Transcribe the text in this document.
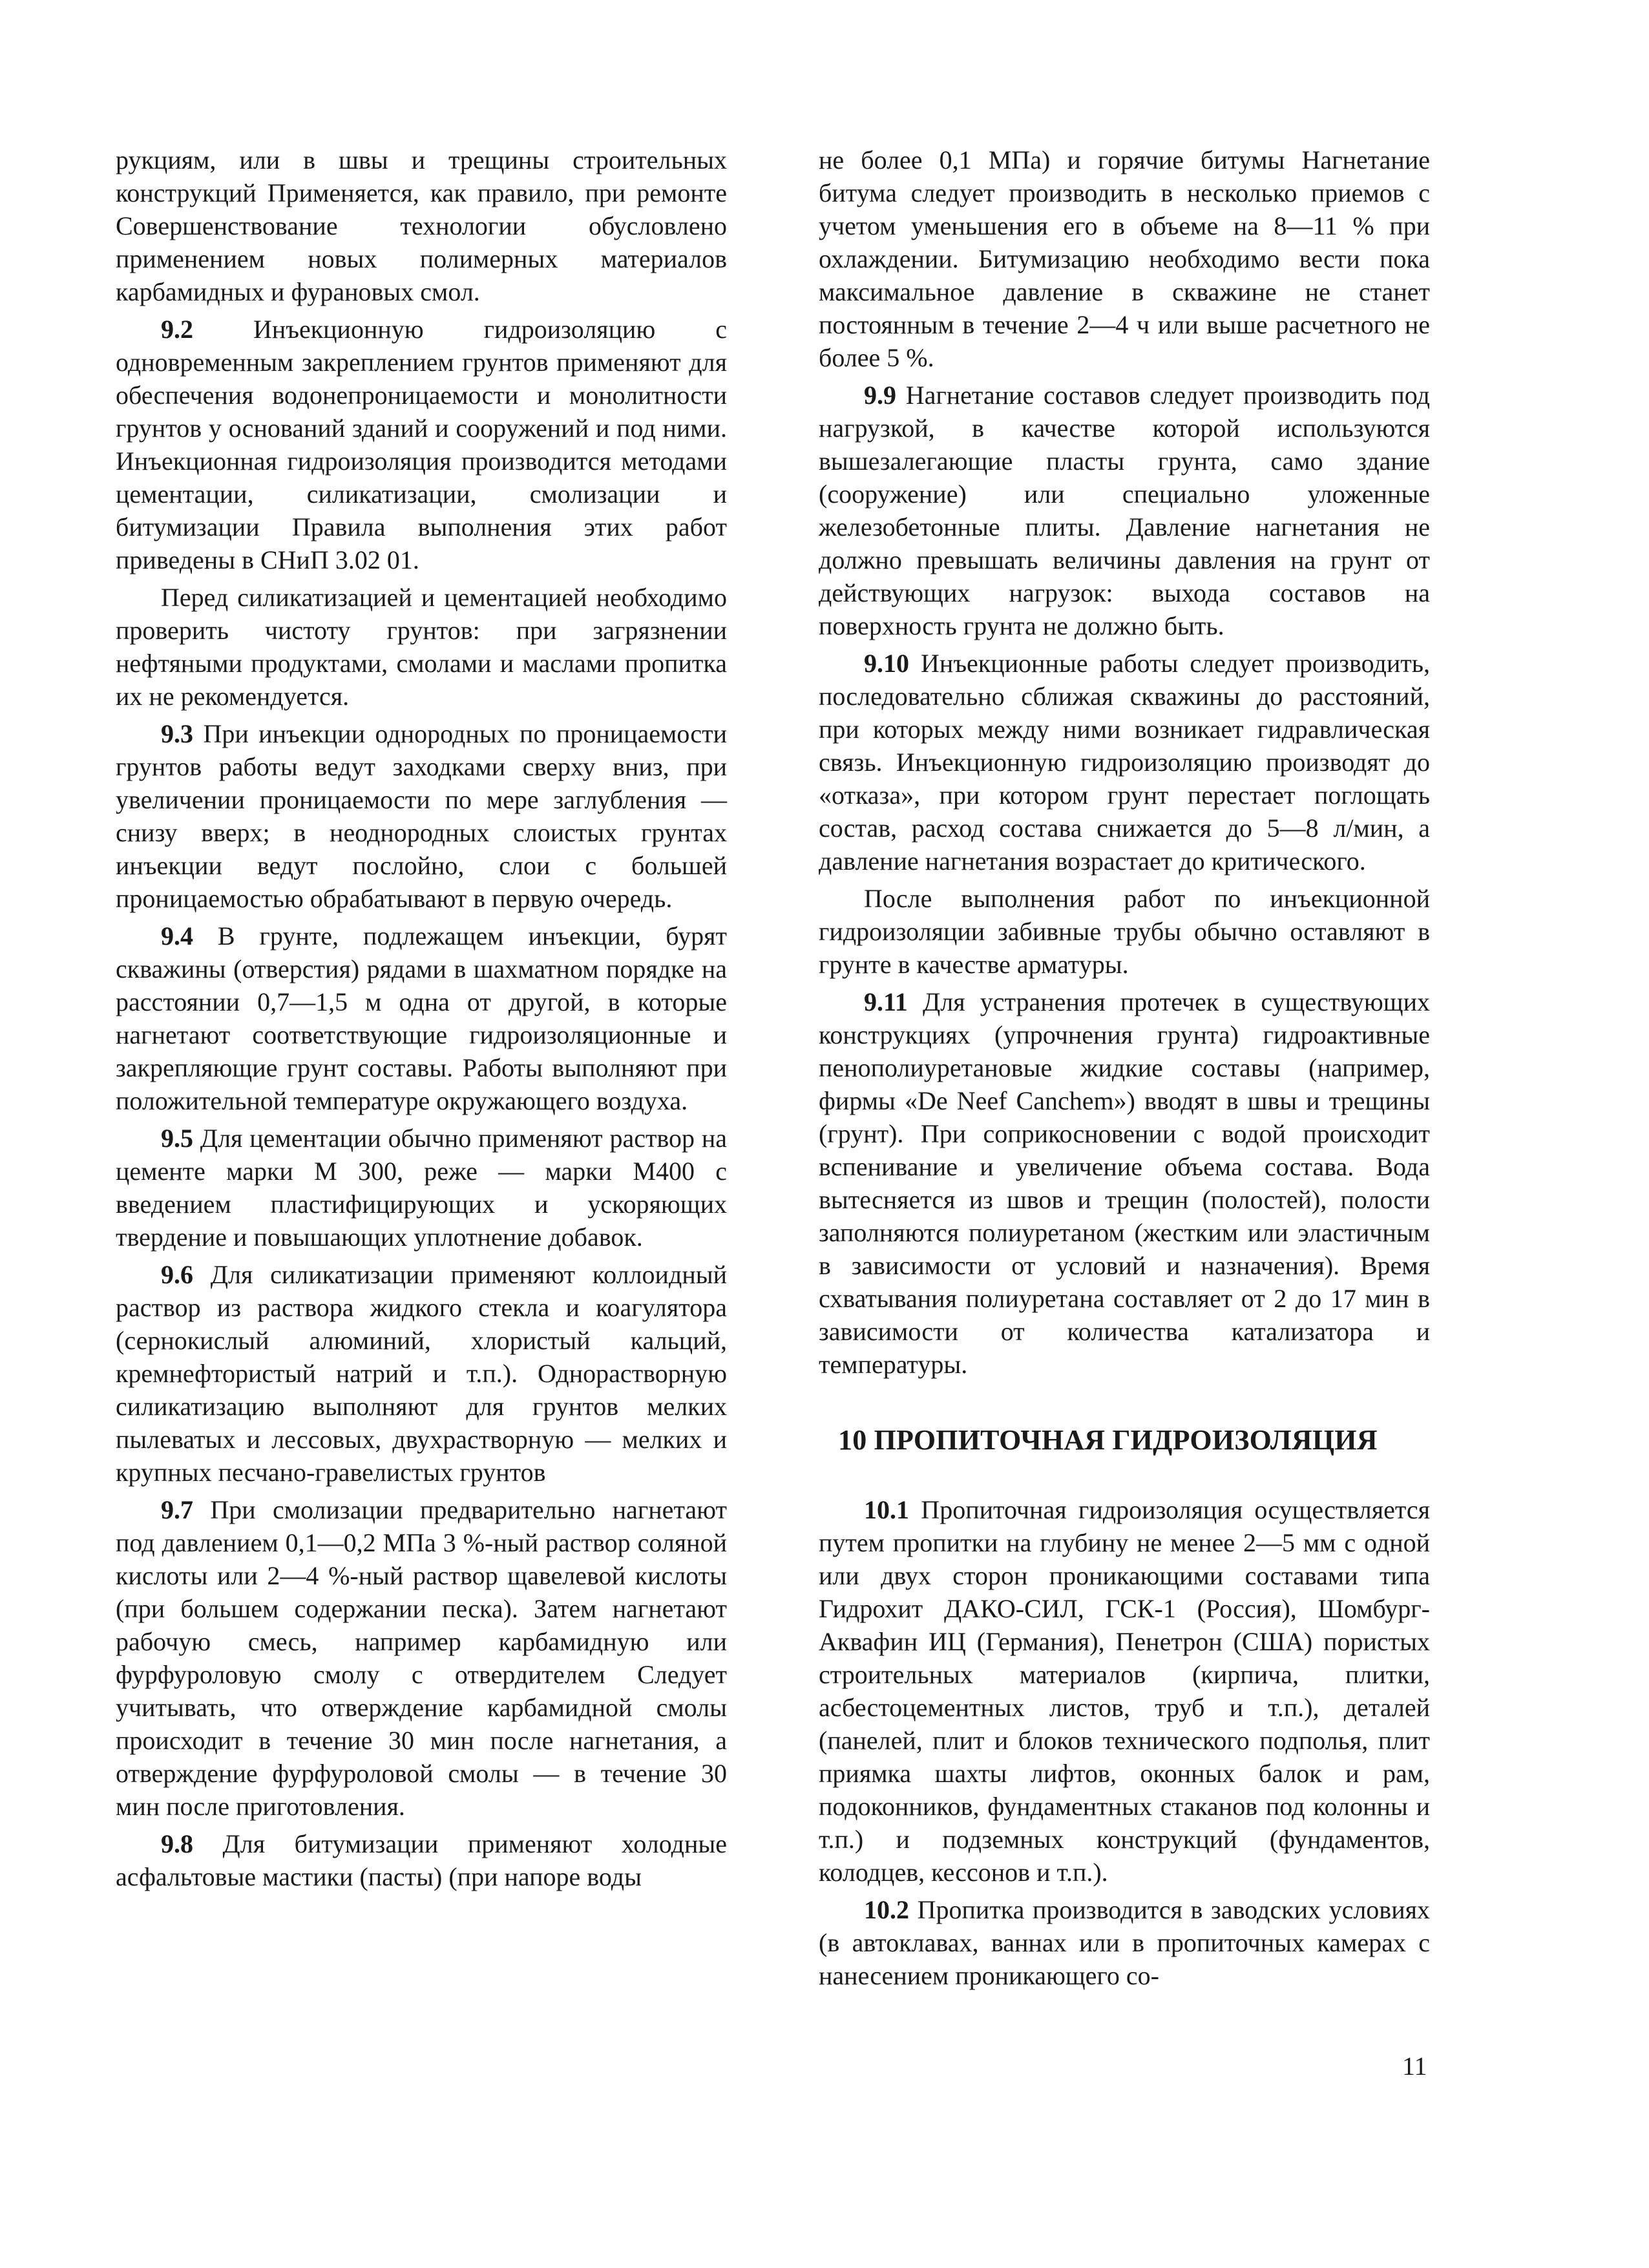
рукциям, или в швы и трещины строительных конструкций Применяется, как правило, при ремонте Совершенствование технологии обусловлено применением новых полимерных материалов карбамидных и фурановых смол.

9.2 Инъекционную гидроизоляцию с одновременным закреплением грунтов применяют для обеспечения водонепроницаемости и монолитности грунтов у оснований зданий и сооружений и под ними. Инъекционная гидроизоляция производится методами цементации, силикатизации, смолизации и битумизации Правила выполнения этих работ приведены в СНиП 3.02 01.

Перед силикатизацией и цементацией необходимо проверить чистоту грунтов: при загрязнении нефтяными продуктами, смолами и маслами пропитка их не рекомендуется.

9.3 При инъекции однородных по проницаемости грунтов работы ведут заходками сверху вниз, при увеличении проницаемости по мере заглубления — снизу вверх; в неоднородных слоистых грунтах инъекции ведут послойно, слои с большей проницаемостью обрабатывают в первую очередь.

9.4 В грунте, подлежащем инъекции, бурят скважины (отверстия) рядами в шахматном порядке на расстоянии 0,7—1,5 м одна от другой, в которые нагнетают соответствующие гидроизоляционные и закрепляющие грунт составы. Работы выполняют при положительной температуре окружающего воздуха.

9.5 Для цементации обычно применяют раствор на цементе марки М 300, реже — марки М400 с введением пластифицирующих и ускоряющих твердение и повышающих уплотнение добавок.

9.6 Для силикатизации применяют коллоидный раствор из раствора жидкого стекла и коагулятора (сернокислый алюминий, хлористый кальций, кремнефтористый натрий и т.п.). Однорастворную силикатизацию выполняют для грунтов мелких пылеватых и лессовых, двухрастворную — мелких и крупных песчано-гравелистых грунтов

9.7 При смолизации предварительно нагнетают под давлением 0,1—0,2 МПа 3 %-ный раствор соляной кислоты или 2—4 %-ный раствор щавелевой кислоты (при большем содержании песка). Затем нагнетают рабочую смесь, например карбамидную или фурфуроловую смолу с отвердителем Следует учитывать, что отверждение карбамидной смолы происходит в течение 30 мин после нагнетания, а отверждение фурфуроловой смолы — в течение 30 мин после приготовления.

9.8 Для битумизации применяют холодные асфальтовые мастики (пасты) (при напоре воды

не более 0,1 МПа) и горячие битумы Нагнетание битума следует производить в несколько приемов с учетом уменьшения его в объеме на 8—11 % при охлаждении. Битумизацию необходимо вести пока максимальное давление в скважине не станет постоянным в течение 2—4 ч или выше расчетного не более 5 %.

9.9 Нагнетание составов следует производить под нагрузкой, в качестве которой используются вышезалегающие пласты грунта, само здание (сооружение) или специально уложенные железобетонные плиты. Давление нагнетания не должно превышать величины давления на грунт от действующих нагрузок: выхода составов на поверхность грунта не должно быть.

9.10 Инъекционные работы следует производить, последовательно сближая скважины до расстояний, при которых между ними возникает гидравлическая связь. Инъекционную гидроизоляцию производят до «отказа», при котором грунт перестает поглощать состав, расход состава снижается до 5—8 л/мин, а давление нагнетания возрастает до критического.

После выполнения работ по инъекционной гидроизоляции забивные трубы обычно оставляют в грунте в качестве арматуры.

9.11 Для устранения протечек в существующих конструкциях (упрочнения грунта) гидроактивные пенополиуретановые жидкие составы (например, фирмы «De Neef Canchem») вводят в швы и трещины (грунт). При соприкосновении с водой происходит вспенивание и увеличение объема состава. Вода вытесняется из швов и трещин (полостей), полости заполняются полиуретаном (жестким или эластичным в зависимости от условий и назначения). Время схватывания полиуретана составляет от 2 до 17 мин в зависимости от количества катализатора и температуры.

10 ПРОПИТОЧНАЯ ГИДРОИЗОЛЯЦИЯ

10.1 Пропиточная гидроизоляция осуществляется путем пропитки на глубину не менее 2—5 мм с одной или двух сторон проникающими составами типа Гидрохит ДАКО-СИЛ, ГСК-1 (Россия), Шомбург-Аквафин ИЦ (Германия), Пенетрон (США) пористых строительных материалов (кирпича, плитки, асбестоцементных листов, труб и т.п.), деталей (панелей, плит и блоков технического подполья, плит приямка шахты лифтов, оконных балок и рам, подоконников, фундаментных стаканов под колонны и т.п.) и подземных конструкций (фундаментов, колодцев, кессонов и т.п.).

10.2 Пропитка производится в заводских условиях (в автоклавах, ваннах или в пропиточных камерах с нанесением проникающего со-

11
